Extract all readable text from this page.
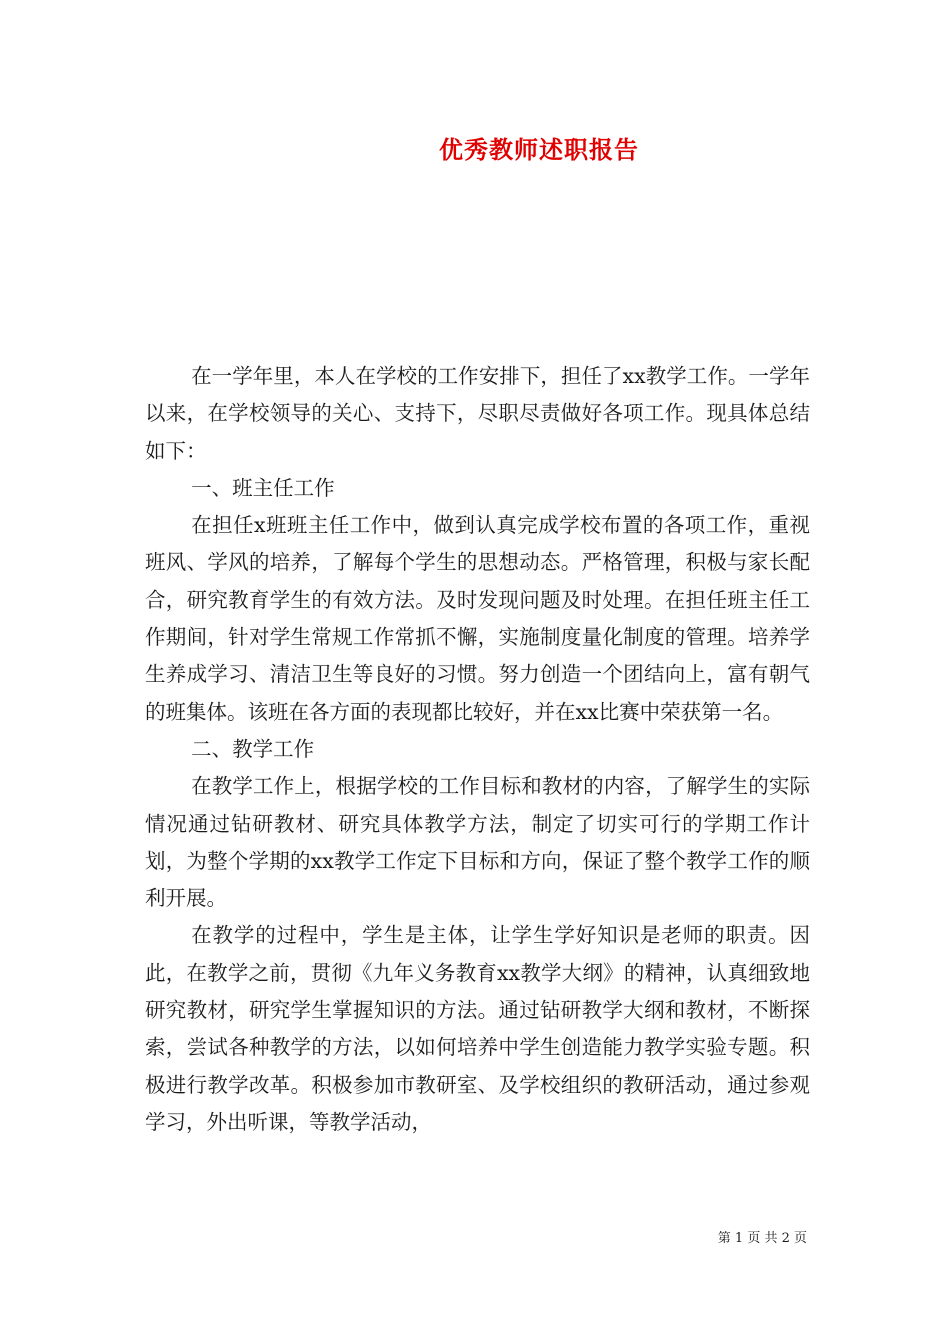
优秀教师述职报告

在一学年里，本人在学校的工作安排下，担任了xx教学工作。一学年以来，在学校领导的关心、支持下，尽职尽责做好各项工作。现具体总结如下：

一、班主任工作

在担任x班班主任工作中，做到认真完成学校布置的各项工作，重视班风、学风的培养，了解每个学生的思想动态。严格管理，积极与家长配合，研究教育学生的有效方法。及时发现问题及时处理。在担任班主任工作期间，针对学生常规工作常抓不懈，实施制度量化制度的管理。培养学生养成学习、清洁卫生等良好的习惯。努力创造一个团结向上，富有朝气的班集体。该班在各方面的表现都比较好，并在xx比赛中荣获第一名。

二、教学工作

在教学工作上，根据学校的工作目标和教材的内容，了解学生的实际情况通过钻研教材、研究具体教学方法，制定了切实可行的学期工作计划，为整个学期的xx教学工作定下目标和方向，保证了整个教学工作的顺利开展。

在教学的过程中，学生是主体，让学生学好知识是老师的职责。因此，在教学之前，贯彻《九年义务教育xx教学大纲》的精神，认真细致地研究教材，研究学生掌握知识的方法。通过钻研教学大纲和教材，不断探索，尝试各种教学的方法，以如何培养中学生创造能力教学实验专题。积极进行教学改革。积极参加市教研室、及学校组织的教研活动，通过参观学习，外出听课，等教学活动，

第 1 页 共 2 页
